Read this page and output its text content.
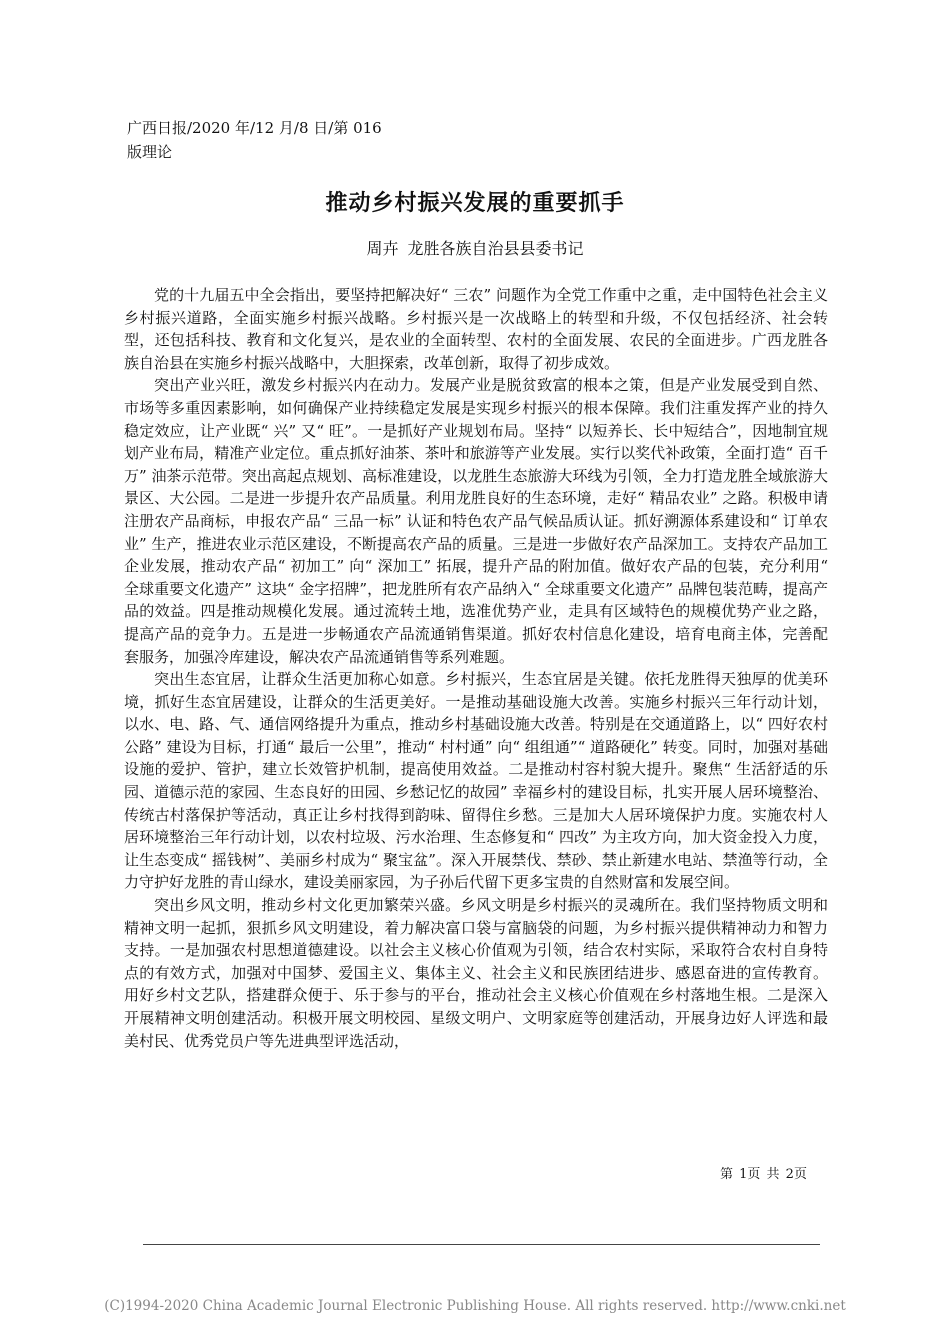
广西日报/2020 年/12 月/8 日/第 016 版理论
推动乡村振兴发展的重要抓手
周卉 龙胜各族自治县县委书记

党的十九届五中全会指出，要坚持把解决好“ 三农” 问题作为全党工作重中之重，走中国特色社会主义乡村振兴道路，全面实施乡村振兴战略。乡村振兴是一次战略上的转型和升级，不仅包括经济、社会转型，还包括科技、教育和文化复兴，是农业的全面转型、农村的全面发展、农民的全面进步。广西龙胜各族自治县在实施乡村振兴战略中，大胆探索，改革创新，取得了初步成效。

突出产业兴旺，激发乡村振兴内在动力。发展产业是脱贫致富的根本之策，但是产业发展受到自然、市场等多重因素影响，如何确保产业持续稳定发展是实现乡村振兴的根本保障。我们注重发挥产业的持久稳定效应，让产业既“ 兴” 又“ 旺”。一是抓好产业规划布局。坚持“ 以短养长、长中短结合”，因地制宜规划产业布局，精准产业定位。重点抓好油茶、茶叶和旅游等产业发展。实行以奖代补政策，全面打造“ 百千万” 油茶示范带。突出高起点规划、高标准建设，以龙胜生态旅游大环线为引领，全力打造龙胜全域旅游大景区、大公园。二是进一步提升农产品质量。利用龙胜良好的生态环境，走好“ 精品农业” 之路。积极申请注册农产品商标，申报农产品“ 三品一标” 认证和特色农产品气候品质认证。抓好溯源体系建设和“ 订单农业” 生产，推进农业示范区建设，不断提高农产品的质量。三是进一步做好农产品深加工。支持农产品加工企业发展，推动农产品“ 初加工” 向“ 深加工” 拓展，提升产品的附加值。做好农产品的包装，充分利用“ 全球重要文化遗产” 这块“ 金字招牌”，把龙胜所有农产品纳入“ 全球重要文化遗产” 品牌包装范畴，提高产品的效益。四是推动规模化发展。通过流转土地，选准优势产业，走具有区域特色的规模优势产业之路，提高产品的竞争力。五是进一步畅通农产品流通销售渠道。抓好农村信息化建设，培育电商主体，完善配套服务，加强冷库建设，解决农产品流通销售等系列难题。

突出生态宜居，让群众生活更加称心如意。乡村振兴，生态宜居是关键。依托龙胜得天独厚的优美环境，抓好生态宜居建设，让群众的生活更美好。一是推动基础设施大改善。实施乡村振兴三年行动计划，以水、电、路、气、通信网络提升为重点，推动乡村基础设施大改善。特别是在交通道路上，以“ 四好农村公路” 建设为目标，打通“ 最后一公里”，推动“ 村村通” 向“ 组组通”“ 道路硬化” 转变。同时，加强对基础设施的爱护、管护，建立长效管护机制，提高使用效益。二是推动村容村貌大提升。聚焦“ 生活舒适的乐园、道德示范的家园、生态良好的田园、乡愁记忆的故园” 幸福乡村的建设目标，扎实开展人居环境整治、传统古村落保护等活动，真正让乡村找得到韵味、留得住乡愁。三是加大人居环境保护力度。实施农村人居环境整治三年行动计划，以农村垃圾、污水治理、生态修复和“ 四改” 为主攻方向，加大资金投入力度，让生态变成“ 摇钱树”、美丽乡村成为“ 聚宝盆”。深入开展禁伐、禁砂、禁止新建水电站、禁渔等行动，全力守护好龙胜的青山绿水，建设美丽家园，为子孙后代留下更多宝贵的自然财富和发展空间。

突出乡风文明，推动乡村文化更加繁荣兴盛。乡风文明是乡村振兴的灵魂所在。我们坚持物质文明和精神文明一起抓，狠抓乡风文明建设，着力解决富口袋与富脑袋的问题，为乡村振兴提供精神动力和智力支持。一是加强农村思想道德建设。以社会主义核心价值观为引领，结合农村实际，采取符合农村自身特点的有效方式，加强对中国梦、爱国主义、集体主义、社会主义和民族团结进步、感恩奋进的宣传教育。用好乡村文艺队，搭建群众便于、乐于参与的平台，推动社会主义核心价值观在乡村落地生根。二是深入开展精神文明创建活动。积极开展文明校园、星级文明户、文明家庭等创建活动，开展身边好人评选和最美村民、优秀党员户等先进典型评选活动，

第 1页 共 2页
(C)1994-2020 China Academic Journal Electronic Publishing House. All rights reserved. http://www.cnki.net
